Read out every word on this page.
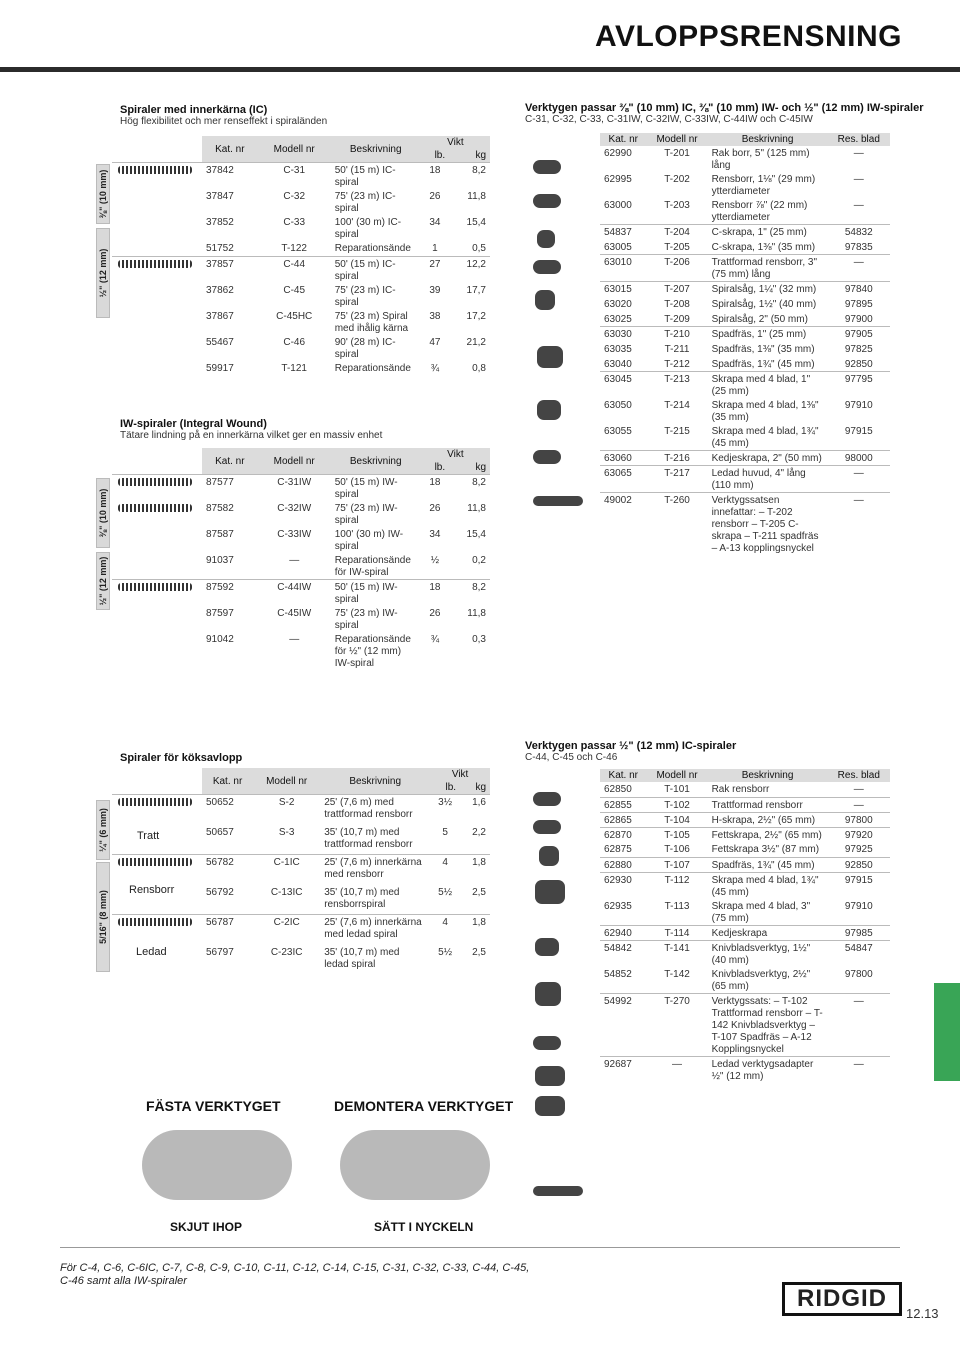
AVLOPPSRENSNING
Spiraler med innerkärna (IC)
Hög flexibilitet och mer renseffekt i spiraländen
⅜" (10 mm)
½" (12 mm)
	Kat. nr	Modell nr	Beskrivning	Vikt	
				lb.	kg

	37842	C-31	50' (15 m) IC-spiral	18	8,2
	37847	C-32	75' (23 m) IC-spiral	26	11,8
	37852	C-33	100' (30 m) IC-spiral	34	15,4
	51752	T-122	Reparationsände	1	0,5

	37857	C-44	50' (15 m) IC-spiral	27	12,2
	37862	C-45	75' (23 m) IC-spiral	39	17,7
	37867	C-45HC	75' (23 m) Spiral med ihålig kärna	38	17,2
	55467	C-46	90' (28 m) IC-spiral	47	21,2
	59917	T-121	Reparationsände	¾	0,8
IW-spiraler (Integral Wound)
Tätare lindning på en innerkärna vilket ger en massiv enhet
⅜" (10 mm)
½" (12 mm)
	Kat. nr	Modell nr	Beskrivning	Vikt	
				lb.	kg

	87577	C-31IW	50' (15 m) IW-spiral	18	8,2

	87582	C-32IW	75' (23 m) IW-spiral	26	11,8
	87587	C-33IW	100' (30 m) IW-spiral	34	15,4
	91037	—	Reparationsände för IW-spiral	½	0,2

	87592	C-44IW	50' (15 m) IW-spiral	18	8,2
	87597	C-45IW	75' (23 m) IW-spiral	26	11,8
	91042	—	Reparationsände för ½" (12 mm) IW-spiral	¾	0,3
Spiraler för köksavlopp
¼" (6 mm)
5/16" (8 mm)
Tratt
Rensborr
Ledad
	Kat. nr	Modell nr	Beskrivning	Vikt	
				lb.	kg

	50652	S-2	25' (7,6 m) med trattformad rensborr	3½	1,6
	50657	S-3	35' (10,7 m) med trattformad rensborr	5	2,2

	56782	C-1IC	25' (7,6 m) innerkärna med rensborr	4	1,8
	56792	C-13IC	35' (10,7 m) med rensborrspiral	5½	2,5

	56787	C-2IC	25' (7,6 m) innerkärna med ledad spiral	4	1,8
	56797	C-23IC	35' (10,7 m) med ledad spiral	5½	2,5
FÄSTA VERKTYGET	DEMONTERA VERKTYGET
SKJUT IHOP	SÄTT I NYCKELN
Verktygen passar ⅜" (10 mm) IC, ⅜" (10 mm) IW- och ½" (12 mm) IW-spiraler
C-31, C-32, C-33, C-31IW, C-32IW, C-33IW, C-44IW och C-45IW
Kat. nr	Modell nr	Beskrivning	Res. blad
62990	T-201	Rak borr, 5" (125 mm) lång	—
62995	T-202	Rensborr, 1⅛" (29 mm) ytterdiameter	—
63000	T-203	Rensborr ⅞" (22 mm) ytterdiameter	—
54837	T-204	C-skrapa, 1" (25 mm)	54832
63005	T-205	C-skrapa, 1⅜" (35 mm)	97835
63010	T-206	Trattformad rensborr, 3" (75 mm) lång	—
63015	T-207	Spiralsåg, 1¼" (32 mm)	97840
63020	T-208	Spiralsåg, 1½" (40 mm)	97895
63025	T-209	Spiralsåg, 2" (50 mm)	97900
63030	T-210	Spadfräs, 1" (25 mm)	97905
63035	T-211	Spadfräs, 1⅜" (35 mm)	97825
63040	T-212	Spadfräs, 1¾" (45 mm)	92850
63045	T-213	Skrapa med 4 blad, 1" (25 mm)	97795
63050	T-214	Skrapa med 4 blad, 1⅜" (35 mm)	97910
63055	T-215	Skrapa med 4 blad, 1¾" (45 mm)	97915
63060	T-216	Kedjeskrapa, 2" (50 mm)	98000
63065	T-217	Ledad huvud, 4" lång (110 mm)	—
49002	T-260	Verktygssatsen innefattar: – T-202 rensborr – T-205 C-skrapa – T-211 spadfräs – A-13 kopplingsnyckel	—
Verktygen passar ½" (12 mm) IC-spiraler
C-44, C-45 och C-46
Kat. nr	Modell nr	Beskrivning	Res. blad
62850	T-101	Rak rensborr	—
62855	T-102	Trattformad rensborr	—
62865	T-104	H-skrapa, 2½" (65 mm)	97800
62870	T-105	Fettskrapa, 2½" (65 mm)	97920
62875	T-106	Fettskrapa 3½" (87 mm)	97925
62880	T-107	Spadfräs, 1¾" (45 mm)	92850
62930	T-112	Skrapa med 4 blad, 1¾" (45 mm)	97915
62935	T-113	Skrapa med 4 blad, 3" (75 mm)	97910
62940	T-114	Kedjeskrapa	97985
54842	T-141	Knivbladsverktyg, 1½" (40 mm)	54847
54852	T-142	Knivbladsverktyg, 2½" (65 mm)	97800
54992	T-270	Verktygssats: – T-102 Trattformad rensborr – T-142 Knivbladsverktyg – T-107 Spadfräs – A-12 Kopplingsnyckel	—
92687	—	Ledad verktygsadapter ½" (12 mm)	—
För C-4, C-6, C-6IC, C-7, C-8, C-9, C-10, C-11, C-12, C-14, C-15, C-31, C-32, C-33, C-44, C-45, C-46 samt alla IW-spiraler
RIDGID
12.13
